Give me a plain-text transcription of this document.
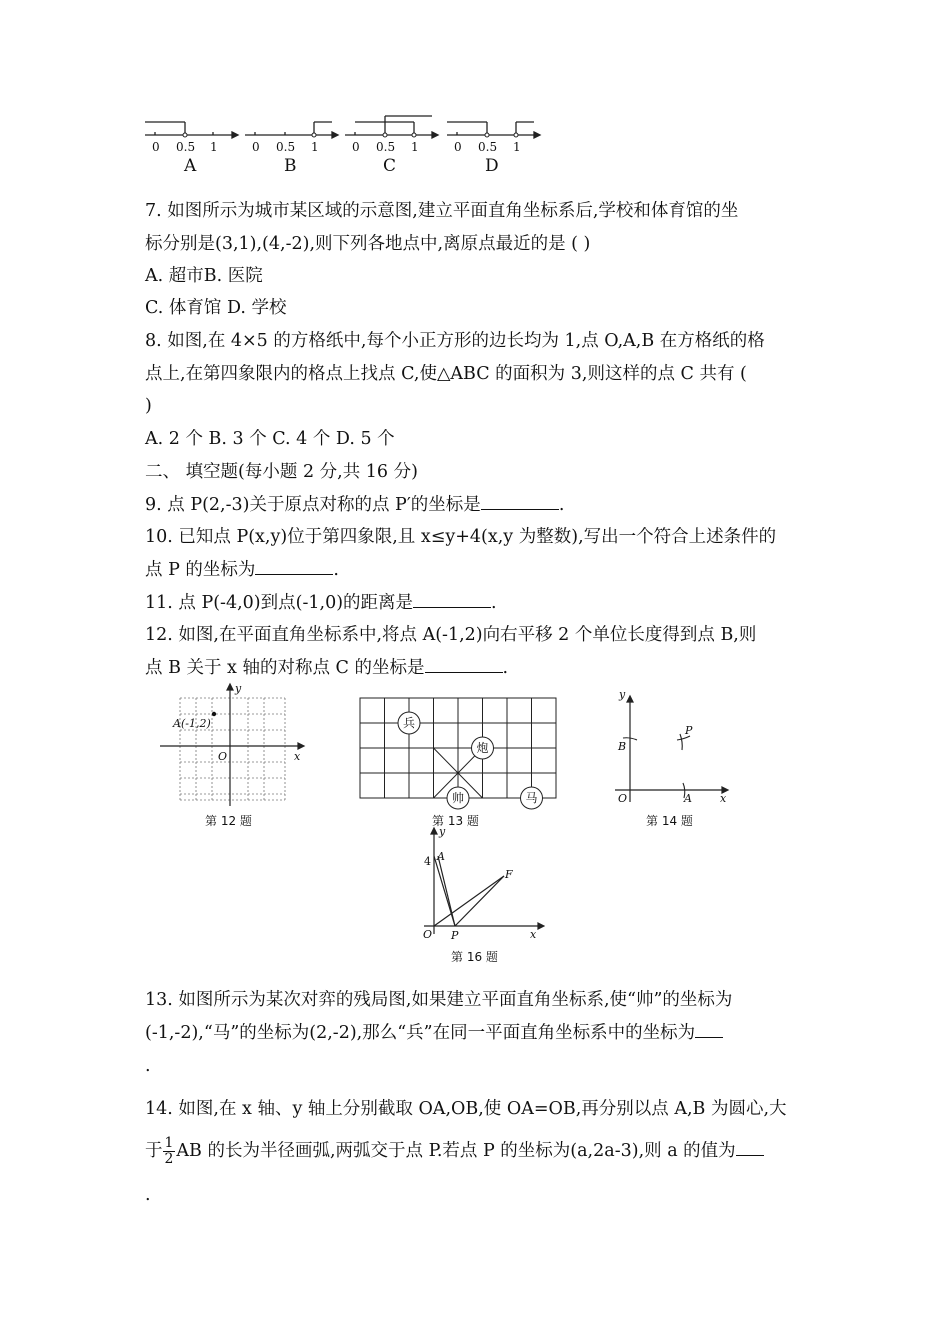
0 0.5 1	0 0.5 1	0 0.5 1	0 0.5 1
A	B	C	D
7. 如图所示为城市某区域的示意图,建立平面直角坐标系后,学校和体育馆的坐
标分别是(3,1),(4,-2),则下列各地点中,离原点最近的是 ( )
A. 超市B. 医院
C. 体育馆 D. 学校
8. 如图,在 4×5 的方格纸中,每个小正方形的边长均为 1,点 O,A,B 在方格纸的格
点上,在第四象限内的格点上找点 C,使△ABC 的面积为 3,则这样的点 C 共有 (
)
A. 2 个 B. 3 个 C. 4 个 D. 5 个
二、 填空题(每小题 2 分,共 16 分)
9. 点 P(2,-3)关于原点对称的点 P′的坐标是	.
10. 已知点 P(x,y)位于第四象限,且 x≤y+4(x,y 为整数),写出一个符合上述条件的
点 P 的坐标为	.
11. 点 P(-4,0)到点(-1,0)的距离是	.
12. 如图,在平面直角坐标系中,将点 A(-1,2)向右平移 2 个单位长度得到点 B,则
点 B 关于 x 轴的对称点 C 的坐标是	.
y
x
O
A(-1,2)
第 12 题
兵
炮
帅	马
第 13 题
y
x
O
B
A
P
第 14 题
y
x
O
4 A
F
P
第 16 题
13. 如图所示为某次对弈的残局图,如果建立平面直角坐标系,使“帅”的坐标为
(-1,-2),“马”的坐标为(2,-2),那么“兵”在同一平面直角坐标系中的坐标为
.
14. 如图,在 x 轴、y 轴上分别截取 OA,OB,使 OA=OB,再分别以点 A,B 为圆心,大
于 $\frac{1}{2}$ AB 的长为半径画弧,两弧交于点 P.若点 P 的坐标为(a,2a-3),则 a 的值为
.
